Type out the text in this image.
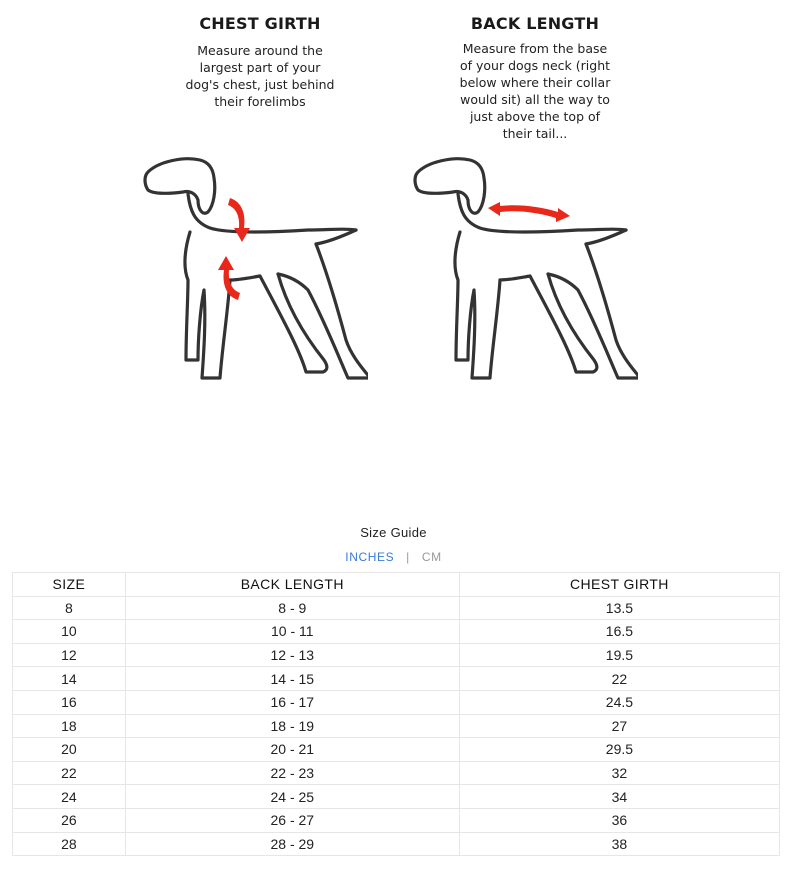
CHEST GIRTH
Measure around the
largest part of your
dog's chest, just behind
their forelimbs
BACK LENGTH
Measure from the base
of your dogs neck (right
below where their collar
would sit) all the way to
just above the top of
their tail...
Size Guide
INCHES | CM
SIZE	BACK LENGTH	CHEST GIRTH
8	8 - 9	13.5
10	10 - 11	16.5
12	12 - 13	19.5
14	14 - 15	22
16	16 - 17	24.5
18	18 - 19	27
20	20 - 21	29.5
22	22 - 23	32
24	24 - 25	34
26	26 - 27	36
28	28 - 29	38
